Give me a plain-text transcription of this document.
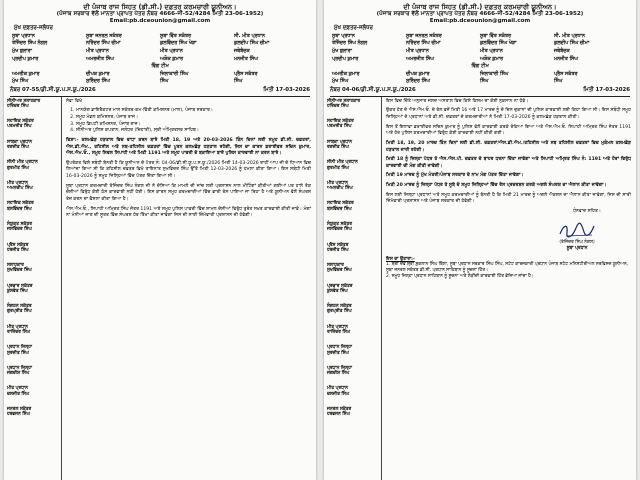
ਦੀ ਪੰਜਾਬ ਰਾਜ ਸਿਹਤ (ਡੀ.ਸੀ.) ਦਫ਼ਤਰ ਕਰਮਚਾਰੀ ਯੂਨੀਅਨ।
(ਪੰਜਾਬ ਸਰਕਾਰ ਵੱਲੋਂ ਮਾਨਤਾ ਪ੍ਰਾਪਤ ਪੱਤਰ ਨੰਬਰ 4666-ਜੀ-52/4284 ਮਿਤੀ 23-06-1952)
Email:pb.dceounion@gmail.com
ਮੁੱਖ ਦਫ਼ਤਰ-ਜਲੰਧਰ
ਸੂਬਾ ਪ੍ਰਧਾਨ	ਸੂਬਾ ਜਨਰਲ ਸਕੱਤਰ	ਸੂਬਾ ਵਿੱਤ ਸਕੱਤਰ	ਸੀ. ਮੀਤ ਪ੍ਰਧਾਨ
ਤੇਜਿੰਦਰ ਸਿੰਘ ਨੰਗਲ	ਨਰਿੰਦਰ ਸਿੰਘ ਚੀਮਾ	ਕੁਲਵਿੰਦਰ ਸਿੰਘ ਖੇੜਾ	ਕੁਲਦੀਪ ਸਿੰਘ ਚੀਮਾ
ਮੁੱਖ ਬੁਲਾਰਾ	ਮੀਤ ਪ੍ਰਧਾਨ	ਮੀਤ ਪ੍ਰਧਾਨ	ਜਥੇਬੰਦਕ
ਪ੍ਰਦੀਪ ਕੁਮਾਰ	ਅਮਰਜੀਤ ਸਿੰਘ	ਅਸ਼ੋਕ ਕੁਮਾਰ	ਮਨਜੀਤ ਸਿੰਘ
ਵਿੰਗ ਟੀਮ
ਅਮਰੀਕ ਕੁਮਾਰ	ਦੀਪਕ ਕੁਮਾਰ	ਜਿਲਾਕਾਰੀ ਸਿੰਘ	ਪ੍ਰੈਸ ਸਕੱਤਰ
ਮੁੱਖ ਸਿੰਘ	ਸੁਰਿੰਦਰ ਸਿੰਘ	ਸਿੰਘ	ਸਿੰਘ
ਨੰਬਰ 07-55/ਡੀ.ਸੀ.ਯੂ.ਪ.ਸ.ਯੂ./2026	ਮਿਤੀ 17-03-2026
ਸੀਨੀਅਰ ਸਲਾਹਕਾਰ
ਹਰਿੰਦਰ ਸਿੰਘ
ਸਹਾਇਕ ਸਕੱਤਰ
ਪਰਮਜੀਤ ਸਿੰਘ
ਸਾਬਕਾ ਪ੍ਰਧਾਨ
ਰਣਜੀਤ ਸਿੰਘ
ਸੀਨੀ ਮੀਤ ਪ੍ਰਧਾਨ
ਗੁਰਮੀਤ ਸਿੰਘ
ਮੀਤ ਪ੍ਰਧਾਨ
ਅਮਨਦੀਪ ਸਿੰਘ
ਸਹਾਇਕ ਸਕੱਤਰ
ਬਲਵਿੰਦਰ ਸਿੰਘ
ਸੰਯੁਕਤ ਸਕੱਤਰ
ਜਸਵਿੰਦਰ ਸਿੰਘ
ਪ੍ਰੈਸ ਸਕੱਤਰ
ਹਰਜੀਤ ਸਿੰਘ
ਸਲਾਹਕਾਰ
ਸੁਖਵਿੰਦਰ ਸਿੰਘ
ਪ੍ਰਚਾਰ ਸਕੱਤਰ
ਕੁਲਵੰਤ ਸਿੰਘ
ਸੰਗਠਨ ਸਕੱਤਰ
ਗੁਰਪ੍ਰੀਤ ਸਿੰਘ
ਮੀਤ ਪ੍ਰਧਾਨ
ਰਾਜਿੰਦਰ ਸਿੰਘ
ਪ੍ਰਧਾਨ ਜਿਲ੍ਹਾ
ਸੁਰਜੀਤ ਸਿੰਘ
ਪ੍ਰਧਾਨ ਜਿਲ੍ਹਾ
ਜਗਦੀਸ਼ ਸਿੰਘ
ਮੀਤ ਪ੍ਰਧਾਨ
ਦਲਜੀਤ ਸਿੰਘ
ਜਨਰਲ ਸਕੱਤਰ
ਹਰਭਜਨ ਸਿੰਘ

ਸੇਵਾ ਵਿਖੇ

1. ਮਾਨਯੋਗ ਡਾਇਰੈਕਟਰ ਮਾਲ ਸਕੱਤਰ-ਕਮ-ਵਿੱਤੀ ਕਮਿਸ਼ਨਰ (ਮਾਲ), ਪੰਜਾਬ ਸਰਕਾਰ।
2. ਸਮੂਹ ਮੰਡਲ ਕਮਿਸ਼ਨਰ, ਪੰਜਾਬ ਰਾਜ।
3. ਸਮੂਹ ਡਿਪਟੀ ਕਮਿਸ਼ਨਰ, ਪੰਜਾਬ ਰਾਜ।
4. ਸੀਨੀਅਰ ਪੁਲਿਸ ਕਪਤਾਨ, ਜਲੰਧਰ (ਦਿਹਾਤੀ), ਸ੍ਰੀ ਅੰਮ੍ਰਿਤਸਰ ਸਾਹਿਬ।

ਵਿਸ਼ਾ:- ਕਲਮਛੋੜ ਹੜਤਾਲ ਵਿਚ ਵਾਧਾ ਕਰਨ ਬਾਰੇ ਮਿਤੀ 18, 19 ਅਤੇ 20-03-2026 ਤਿੰਨ ਦਿਨਾਂ ਲਈ ਸਮੂਹ ਡੀ.ਸੀ. ਦਫ਼ਤਰਾਂ, ਐਸ.ਡੀ.ਐਮ., ਤਹਿਸੀਲ ਅਤੇ ਸਬ-ਤਹਿਸੀਲ ਦਫ਼ਤਰਾਂ ਵਿੱਚ ਪੂਰਨ ਕਲਮਛੋੜ ਹੜਤਾਲ ਰਹੇਗੀ, ਜਿਸ ਦਾ ਕਾਰਨ ਡਰਾਈਵਰ ਸਚਿਨ ਕੁਮਾਰ, ਐਸ.ਐਮ.ਓ., ਸਮੂਹ ਸਿਵਲ ਸਿਪਾਹੀ ਅਤੇ ਮਿਤੀ 1191 ਅਤੇ ਸਮੂਹ ਪਾਵਰੀ ਦੇ ਬਕਾਇਆ ਬਾਰੇ ਪੁਲਿਸ ਕਾਰਵਾਈ ਨਾ ਕਰਨ ਬਾਰੇ।

ਉਪਰੋਕਤ ਵਿਸ਼ੇ ਸਬੰਧੀ ਬੇਨਤੀ ਹੈ ਕਿ ਯੂਨੀਅਨ ਦੇ ਪੱਤਰ ਨੰ: 04-06/ਡੀ.ਸੀ.ਯੂ.ਪ.ਸ.ਯੂ./2026 ਮਿਤੀ 14-03-2026 ਰਾਹੀਂ ਆਪ ਜੀ ਦੇ ਧਿਆਨ ਵਿਚ ਲਿਆਂਦਾ ਗਿਆ ਸੀ ਕਿ ਤਹਿਸੀਲ ਦਫ਼ਤਰ ਵਿਖੇ ਤਾਇਨਾਤ ਸੁਖਵਿੰਦਰ ਸਿੰਘ ਉੱਤੇ ਮਿਤੀ 12-03-2026 ਨੂੰ ਹਮਲਾ ਕੀਤਾ ਗਿਆ। ਇਸ ਸਬੰਧੀ ਮਿਤੀ 16-03-2026 ਨੂੰ ਸਮੂਹ ਜਿਲ੍ਹਿਆਂ ਵਿੱਚ ਪੱਤਰ ਦਿੱਤਾ ਗਿਆ ਸੀ।

ਸੂਬਾ ਪ੍ਰਧਾਨ ਕਰਮਚਾਰੀ ਤੇਜਿੰਦਰ ਸਿੰਘ ਨੰਗਲ ਜੀ ਨੇ ਦੱਸਿਆ ਕਿ ਮਾਮਲੇ ਦੀ ਜਾਂਚ ਲਈ ਪ੍ਰਸ਼ਾਸਨ ਨਾਲ ਮੀਟਿੰਗਾਂ ਕੀਤੀਆਂ ਗਈਆਂ ਪਰ ਹਾਲੇ ਤੱਕ ਦੋਸ਼ੀਆਂ ਵਿਰੁੱਧ ਕੋਈ ਠੋਸ ਕਾਰਵਾਈ ਨਹੀਂ ਹੋਈ। ਇਸ ਕਾਰਨ ਸਮੂਹ ਕਰਮਚਾਰੀਆਂ ਵਿੱਚ ਭਾਰੀ ਰੋਸ ਪਾਇਆ ਜਾ ਰਿਹਾ ਹੈ ਅਤੇ ਯੂਨੀਅਨ ਵੱਲੋਂ ਸੰਘਰਸ਼ ਤੇਜ਼ ਕਰਨ ਦਾ ਫੈਸਲਾ ਕੀਤਾ ਗਿਆ ਹੈ।

ਐਸ.ਐਮ.ਓ., ਸਿਪਾਹੀ ਅਮ੍ਰਿਤ ਸਿੰਘ ਜੋਤਰ 1191 ਅਤੇ ਸਮੂਹ ਪੁਲਿਸ ਪਾਵਰੀ ਵਿੱਚ ਸ਼ਾਮਲ ਦੋਸ਼ੀਆਂ ਵਿਰੁੱਧ ਤੁਰੰਤ ਸਖ਼ਤ ਕਾਰਵਾਈ ਕੀਤੀ ਜਾਵੇ। ਮੰਗਾਂ ਨਾ ਮੰਨੀਆਂ ਜਾਣ ਦੀ ਸੂਰਤ ਵਿੱਚ ਸੰਘਰਸ਼ ਹੋਰ ਤਿੱਖਾ ਕੀਤਾ ਜਾਵੇਗਾ ਜਿਸ ਦੀ ਸਾਰੀ ਜ਼ਿੰਮੇਵਾਰੀ ਪ੍ਰਸ਼ਾਸਨ ਦੀ ਹੋਵੇਗੀ।

ਦੀ ਪੰਜਾਬ ਰਾਜ ਸਿਹਤ (ਡੀ.ਸੀ.) ਦਫ਼ਤਰ ਕਰਮਚਾਰੀ ਯੂਨੀਅਨ।
(ਪੰਜਾਬ ਸਰਕਾਰ ਵੱਲੋਂ ਮਾਨਤਾ ਪ੍ਰਾਪਤ ਪੱਤਰ ਨੰਬਰ 4666-ਜੀ-52/4284 ਮਿਤੀ 23-06-1952)
Email:pb.dceounion@gmail.com
ਮੁੱਖ ਦਫ਼ਤਰ-ਜਲੰਧਰ
ਸੂਬਾ ਪ੍ਰਧਾਨ	ਸੂਬਾ ਜਨਰਲ ਸਕੱਤਰ	ਸੂਬਾ ਵਿੱਤ ਸਕੱਤਰ	ਸੀ. ਮੀਤ ਪ੍ਰਧਾਨ
ਤੇਜਿੰਦਰ ਸਿੰਘ ਨੰਗਲ	ਨਰਿੰਦਰ ਸਿੰਘ ਚੀਮਾ	ਕੁਲਵਿੰਦਰ ਸਿੰਘ ਖੇੜਾ	ਕੁਲਦੀਪ ਸਿੰਘ ਚੀਮਾ
ਮੁੱਖ ਬੁਲਾਰਾ	ਮੀਤ ਪ੍ਰਧਾਨ	ਮੀਤ ਪ੍ਰਧਾਨ	ਜਥੇਬੰਦਕ
ਪ੍ਰਦੀਪ ਕੁਮਾਰ	ਅਮਰਜੀਤ ਸਿੰਘ	ਅਸ਼ੋਕ ਕੁਮਾਰ	ਮਨਜੀਤ ਸਿੰਘ
ਵਿੰਗ ਟੀਮ
ਅਮਰੀਕ ਕੁਮਾਰ	ਦੀਪਕ ਕੁਮਾਰ	ਜਿਲਾਕਾਰੀ ਸਿੰਘ	ਪ੍ਰੈਸ ਸਕੱਤਰ
ਮੁੱਖ ਸਿੰਘ	ਸੁਰਿੰਦਰ ਸਿੰਘ	ਸਿੰਘ	ਸਿੰਘ
ਨੰਬਰ 04-06/ਡੀ.ਸੀ.ਯੂ.ਪ.ਸ.ਯੂ./2026	ਮਿਤੀ 17-03-2026
ਸੀਨੀਅਰ ਸਲਾਹਕਾਰ
ਹਰਿੰਦਰ ਸਿੰਘ
ਸਹਾਇਕ ਸਕੱਤਰ
ਪਰਮਜੀਤ ਸਿੰਘ
ਸਾਬਕਾ ਪ੍ਰਧਾਨ
ਰਣਜੀਤ ਸਿੰਘ
ਸੀਨੀ ਮੀਤ ਪ੍ਰਧਾਨ
ਗੁਰਮੀਤ ਸਿੰਘ
ਮੀਤ ਪ੍ਰਧਾਨ
ਅਮਨਦੀਪ ਸਿੰਘ
ਸਹਾਇਕ ਸਕੱਤਰ
ਬਲਵਿੰਦਰ ਸਿੰਘ
ਸੰਯੁਕਤ ਸਕੱਤਰ
ਜਸਵਿੰਦਰ ਸਿੰਘ
ਪ੍ਰੈਸ ਸਕੱਤਰ
ਹਰਜੀਤ ਸਿੰਘ
ਸਲਾਹਕਾਰ
ਸੁਖਵਿੰਦਰ ਸਿੰਘ
ਪ੍ਰਚਾਰ ਸਕੱਤਰ
ਕੁਲਵੰਤ ਸਿੰਘ
ਸੰਗਠਨ ਸਕੱਤਰ
ਗੁਰਪ੍ਰੀਤ ਸਿੰਘ
ਮੀਤ ਪ੍ਰਧਾਨ
ਰਾਜਿੰਦਰ ਸਿੰਘ
ਪ੍ਰਧਾਨ ਜਿਲ੍ਹਾ
ਸੁਰਜੀਤ ਸਿੰਘ
ਪ੍ਰਧਾਨ ਜਿਲ੍ਹਾ
ਜਗਦੀਸ਼ ਸਿੰਘ
ਮੀਤ ਪ੍ਰਧਾਨ
ਦਲਜੀਤ ਸਿੰਘ
ਜਨਰਲ ਸਕੱਤਰ
ਹਰਭਜਨ ਸਿੰਘ

ਇਸ ਵਿਚ ਦਿੱਤੇ ਅਨੁਸਾਰ ਜਲਦ ਅਸਤਾਲ ਵਿਚ ਕਿਸੇ ਕਿਸਮ ਦਾ ਕੋਈ ਨੁਕਸਾਨ ਨਾ ਹੋਵੇ।

ਉਕਤ ਹੋਣ ਦੇ ਐਸ.ਐਮ.ਓ. ਦੇ ਰੋਲ ਵਜੋਂ ਮਿਤੀ 16 ਅਤੇ 17 ਮਾਰਚ ਨੂੰ ਦੋ ਦਿਨ ਦੁਕਾਨਾਂ ਦੀ ਪੁਲਿਸ ਕਾਰਵਾਈ ਲਈ ਕਿਹਾ ਗਿਆ ਸੀ। ਇਸ ਸਬੰਧੀ ਸਮੂਹ ਜ਼ਿਲ੍ਹਿਆਂ ਦੇ ਪ੍ਰਧਾਨਾਂ ਅਤੇ ਡੀ.ਸੀ. ਦਫ਼ਤਰਾਂ ਦੇ ਕਰਮਚਾਰੀਆਂ ਨੇ ਮਿਤੀ 17-03-2026 ਨੂੰ ਕਲਮਛੋੜ ਹੜਤਾਲ ਕੀਤੀ।

ਇਸ ਤੋਂ ਇਲਾਵਾ ਡਰਾਈਵਰ ਸਚਿਨ ਕੁਮਾਰ ਨੂੰ ਪੁਲਿਸ ਵੱਲੋਂ ਕਾਰਵਾਈ ਕਰਕੇ ਰੋਕਿਆ ਗਿਆ ਅਤੇ ਐਸ.ਐਮ.ਓ. ਸਿਪਾਹੀ ਅਮ੍ਰਿਤ ਸਿੰਘ ਜੋਤਰ 1191 ਅਤੇ ਹੋਰ ਪੁਲਿਸ ਕਰਮਚਾਰੀਆਂ ਵਿਰੁੱਧ ਕੋਈ ਕਾਰਵਾਈ ਨਹੀਂ ਕੀਤੀ ਗਈ।

ਮਿਤੀ 18, 19, 20 ਮਾਰਚ ਤਿੰਨ ਦਿਨਾਂ ਲਈ ਡੀ.ਸੀ. ਦਫ਼ਤਰਾਂ/ਐਸ.ਡੀ.ਐਮ./ਤਹਿਸੀਲ ਅਤੇ ਸਬ ਤਹਿਸੀਲ ਦਫ਼ਤਰਾਂ ਵਿਚ ਮੁਕੰਮਲ ਕਲਮਛੋੜ ਹੜਤਾਲ ਜਾਰੀ ਰਹੇਗੀ।

ਮਿਤੀ 18 ਨੂੰ ਜਿਲ੍ਹਾ ਪੱਧਰ ਤੇ ਐਸ.ਐਸ.ਪੀ. ਦਫ਼ਤਰ ਦੇ ਬਾਹਰ ਧਰਨਾ ਦਿੱਤਾ ਜਾਵੇਗਾ ਅਤੇ ਸਿਪਾਹੀ ਅਮ੍ਰਿਤ ਸਿੰਘ ਨੰ: 1191 ਅਤੇ ਹੋਰਾਂ ਵਿਰੁੱਧ ਕਾਰਵਾਈ ਦੀ ਮੰਗ ਕੀਤੀ ਜਾਵੇਗੀ।

ਮਿਤੀ 19 ਮਾਰਚ ਨੂੰ ਮੁੱਖ ਮੰਤਰੀ/ਪੰਜਾਬ ਸਰਕਾਰ ਦੇ ਨਾਮ ਮੰਗ ਪੱਤਰ ਦਿੱਤਾ ਜਾਵੇਗਾ।

ਮਿਤੀ 20 ਮਾਰਚ ਨੂੰ ਜਿਲ੍ਹਾ ਪੱਧਰ ਤੇ ਸੂਬੇ ਦੇ ਸਮੂਹ ਜਿਲ੍ਹਿਆਂ ਵਿੱਚ ਰੋਸ ਪ੍ਰਦਰਸ਼ਨ ਕਰਕੇ ਅਗਲੇ ਸੰਘਰਸ਼ ਦਾ ਐਲਾਨ ਕੀਤਾ ਜਾਵੇਗਾ।

ਇਸ ਲਈ ਜਿਲ੍ਹਾ ਪ੍ਰਧਾਨਾਂ ਅਤੇ ਸਮੂਹ ਕਰਮਚਾਰੀਆਂ ਨੂੰ ਬੇਨਤੀ ਹੈ ਕਿ ਮਿਤੀ 21 ਮਾਰਚ ਨੂੰ ਅਗਲੇ ਐਕਸ਼ਨ ਦਾ ਐਲਾਨ ਕੀਤਾ ਜਾਵੇਗਾ, ਜਿਸ ਦੀ ਸਾਰੀ ਜ਼ਿੰਮੇਵਾਰੀ ਪ੍ਰਸ਼ਾਸਨ ਅਤੇ ਪੰਜਾਬ ਸਰਕਾਰ ਦੀ ਹੋਵੇਗੀ।

ਧੰਨਵਾਦ ਸਹਿਤ।

(ਤੇਜਿੰਦਰ ਸਿੰਘ ਨੰਗਲ)
ਸੂਬਾ ਪ੍ਰਧਾਨ
ਇਸ ਦਾ ਉਤਾਰਾ:-
1. ਸ਼੍ਰੀ ਦੇਵ ਸ਼੍ਰੀ ਸ਼ੁਕਲਾਨ ਸਿੰਘ ਬਿੱਲਾ, ਸੂਬਾ ਪ੍ਰਧਾਨ ਸਰਕਾਰ ਸਿੰਘ ਸਿੰਘ, ਸਟੇਟ ਕਾਰਜਕਾਰੀ ਪ੍ਰਧਾਨ ਪੰਜਾਬ ਸਟੇਟ ਮਨਿਸਟੀਰੀਅਲ ਸਰਵਿਸਜ਼ ਯੂਨੀਅਨ, ਸੂਬਾ ਜਨਰਲ ਸਕੱਤਰ ਡੀ.ਸੀ. ਪ੍ਰਧਾਨ ਸਾਹਿਬਾਨ ਨੂੰ ਸੂਚਨਾ ਹਿੱਤ।
2. ਸਮੂਹ ਜਿਲ੍ਹਾ ਪ੍ਰਧਾਨ ਸਾਹਿਬਾਨ ਨੂੰ ਸੂਚਨਾ ਅਤੇ ਲੋੜੀਂਦੀ ਕਾਰਵਾਈ ਹਿੱਤ ਭੇਜਿਆ ਜਾਂਦਾ ਹੈ।
